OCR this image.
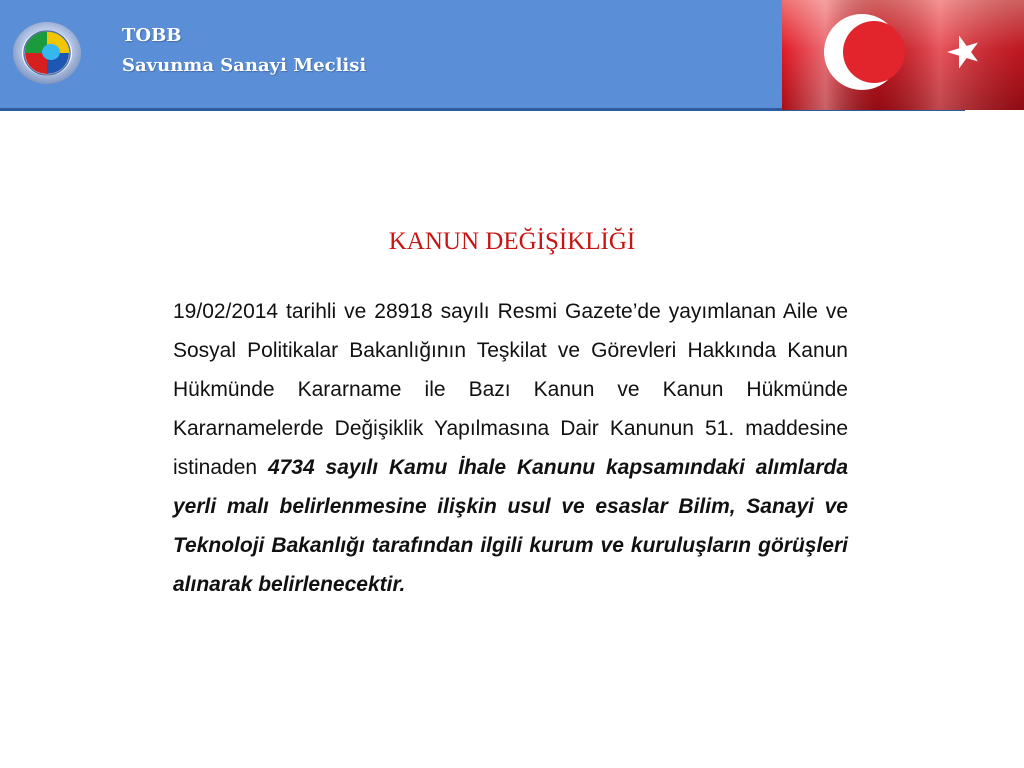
TOBB
Savunma Sanayi Meclisi
KANUN DEĞİŞİKLİĞİ

19/02/2014 tarihli ve 28918 sayılı Resmi Gazete’de yayımlanan Aile ve Sosyal Politikalar Bakanlığının Teşkilat ve Görevleri Hakkında Kanun Hükmünde Kararname ile Bazı Kanun ve Kanun Hükmünde Kararnamelerde Değişiklik Yapılmasına Dair Kanunun 51. maddesine istinaden 4734 sayılı Kamu İhale Kanunu kapsamındaki alımlarda yerli malı belirlenmesine ilişkin usul ve esaslar Bilim, Sanayi ve Teknoloji Bakanlığı tarafından ilgili kurum ve kuruluşların görüşleri alınarak belirlenecektir.
